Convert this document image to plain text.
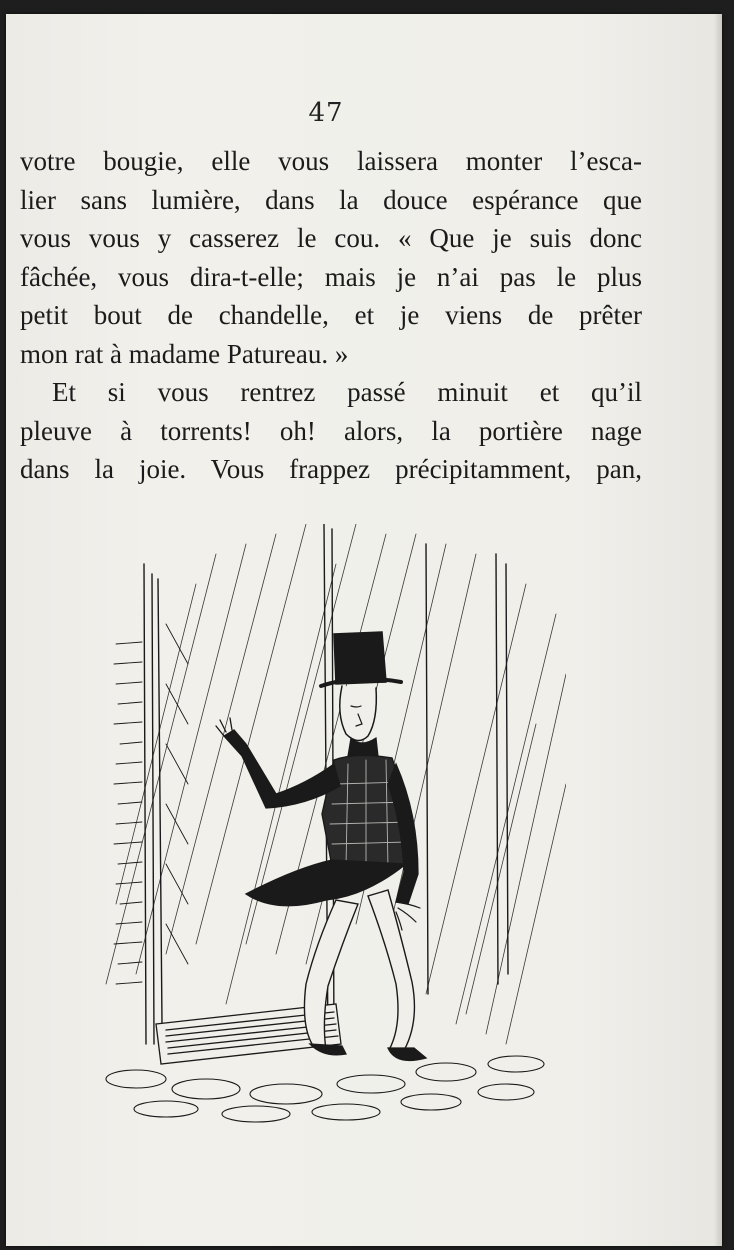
47
votre bougie, elle vous laissera monter l’esca-
lier sans lumière, dans la douce espérance que
vous vous y casserez le cou. « Que je suis donc
fâchée, vous dira-t-elle; mais je n’ai pas le plus
petit bout de chandelle, et je viens de prêter
mon rat à madame Patureau. »
Et si vous rentrez passé minuit et qu’il
pleuve à torrents! oh! alors, la portière nage
dans la joie. Vous frappez précipitamment, pan,
